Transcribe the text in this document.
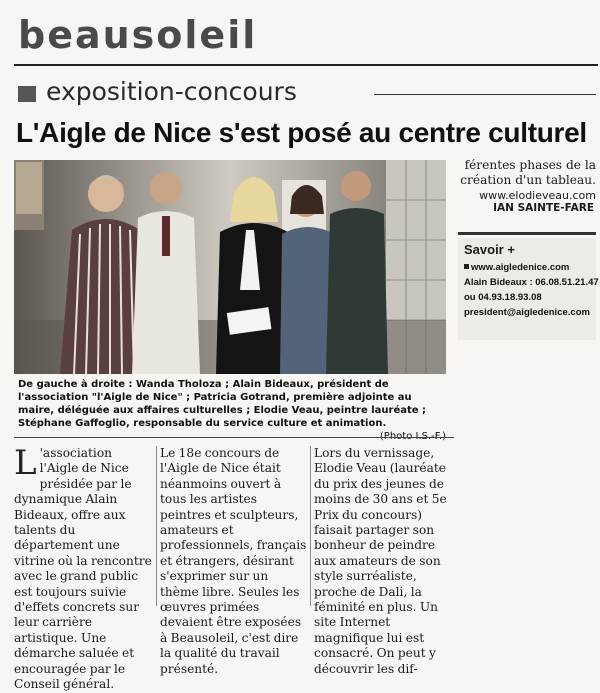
beausoleil
exposition-concours
L'Aigle de Nice s'est posé au centre culturel
De gauche à droite : Wanda Tholoza ; Alain Bideaux, président de l'association "l'Aigle de Nice" ; Patricia Gotrand, première adjointe au maire, déléguée aux affaires culturelles ; Elodie Veau, peintre lauréate ; Stéphane Gaffoglio, responsable du service culture et animation.
L 'association l'Aigle de Nice présidée par le dynamique Alain Bideaux, offre aux talents du département une vitrine où la rencontre avec le grand public est toujours suivie d'effets concrets sur leur carrière artistique. Une démarche saluée et encouragée par le Conseil général.
Le 18e concours de l'Aigle de Nice était néanmoins ouvert à tous les artistes peintres et sculpteurs, amateurs et professionnels, français et étrangers, désirant s'exprimer sur un thème libre. Seules les œuvres primées devaient être exposées à Beausoleil, c'est dire la qualité du travail présenté.
Lors du vernissage, Elodie Veau (lauréate du prix des jeunes de moins de 30 ans et 5e Prix du concours) faisait partager son bonheur de peindre aux amateurs de son style surréaliste, proche de Dali, la féminité en plus. Un site Internet magnifique lui est consacré. On peut y découvrir les dif-
férentes phases de la création d'un tableau.
www.elodieveau.com
IAN SAINTE-FARE
Savoir +
www.aigledenice.com
Alain Bideaux : 06.08.51.21.47
ou 04.93.18.93.08
president@aigledenice.com
